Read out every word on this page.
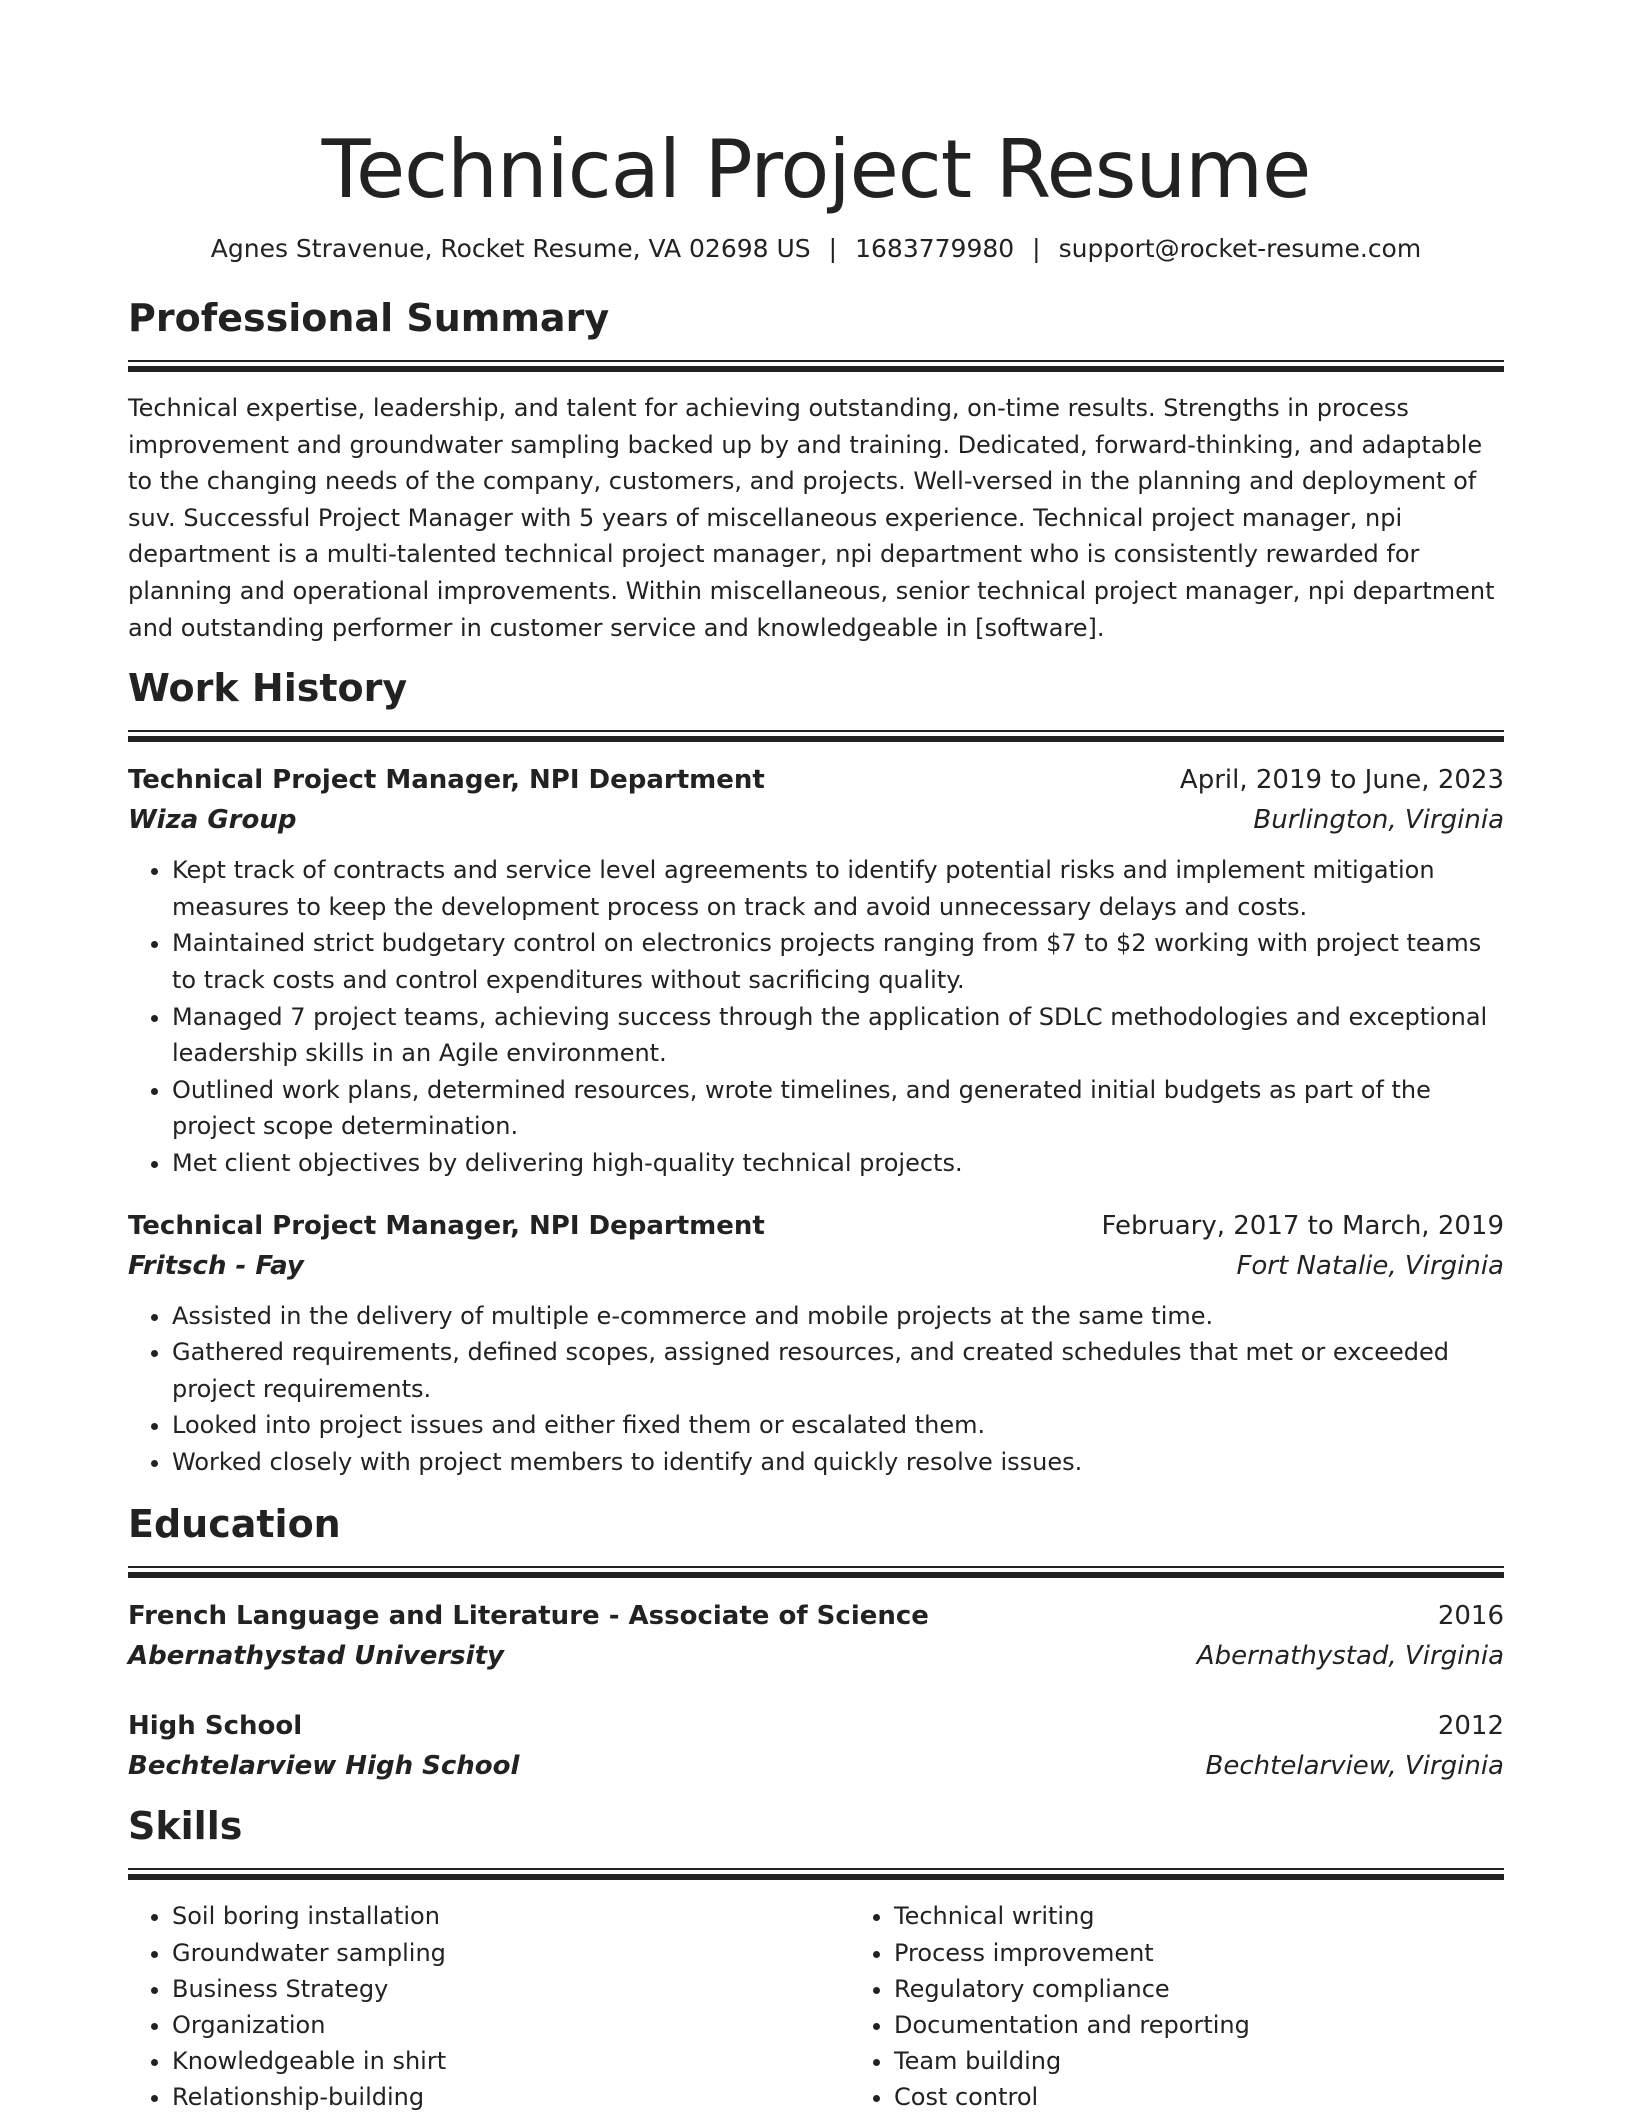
Technical Project Resume
Agnes Stravenue, Rocket Resume, VA 02698 US | 1683779980 | support@rocket-resume.com
Professional Summary
Technical expertise, leadership, and talent for achieving outstanding, on-time results. Strengths in process improvement and groundwater sampling backed up by and training. Dedicated, forward-thinking, and adaptable to the changing needs of the company, customers, and projects. Well-versed in the planning and deployment of suv. Successful Project Manager with 5 years of miscellaneous experience. Technical project manager, npi department is a multi-talented technical project manager, npi department who is consistently rewarded for planning and operational improvements. Within miscellaneous, senior technical project manager, npi department and outstanding performer in customer service and knowledgeable in [software].
Work History
Technical Project Manager, NPI Department	April, 2019 to June, 2023
Wiza Group	Burlington, Virginia
• Kept track of contracts and service level agreements to identify potential risks and implement mitigation measures to keep the development process on track and avoid unnecessary delays and costs.
• Maintained strict budgetary control on electronics projects ranging from $7 to $2 working with project teams to track costs and control expenditures without sacrificing quality.
• Managed 7 project teams, achieving success through the application of SDLC methodologies and exceptional leadership skills in an Agile environment.
• Outlined work plans, determined resources, wrote timelines, and generated initial budgets as part of the project scope determination.
• Met client objectives by delivering high-quality technical projects.
Technical Project Manager, NPI Department	February, 2017 to March, 2019
Fritsch - Fay	Fort Natalie, Virginia
• Assisted in the delivery of multiple e-commerce and mobile projects at the same time.
• Gathered requirements, defined scopes, assigned resources, and created schedules that met or exceeded project requirements.
• Looked into project issues and either fixed them or escalated them.
• Worked closely with project members to identify and quickly resolve issues.
Education
French Language and Literature - Associate of Science	2016
Abernathystad University	Abernathystad, Virginia
High School	2012
Bechtelarview High School	Bechtelarview, Virginia
Skills
• Soil boring installation
• Groundwater sampling
• Business Strategy
• Organization
• Knowledgeable in shirt
• Relationship-building
• Technical writing
• Process improvement
• Regulatory compliance
• Documentation and reporting
• Team building
• Cost control
